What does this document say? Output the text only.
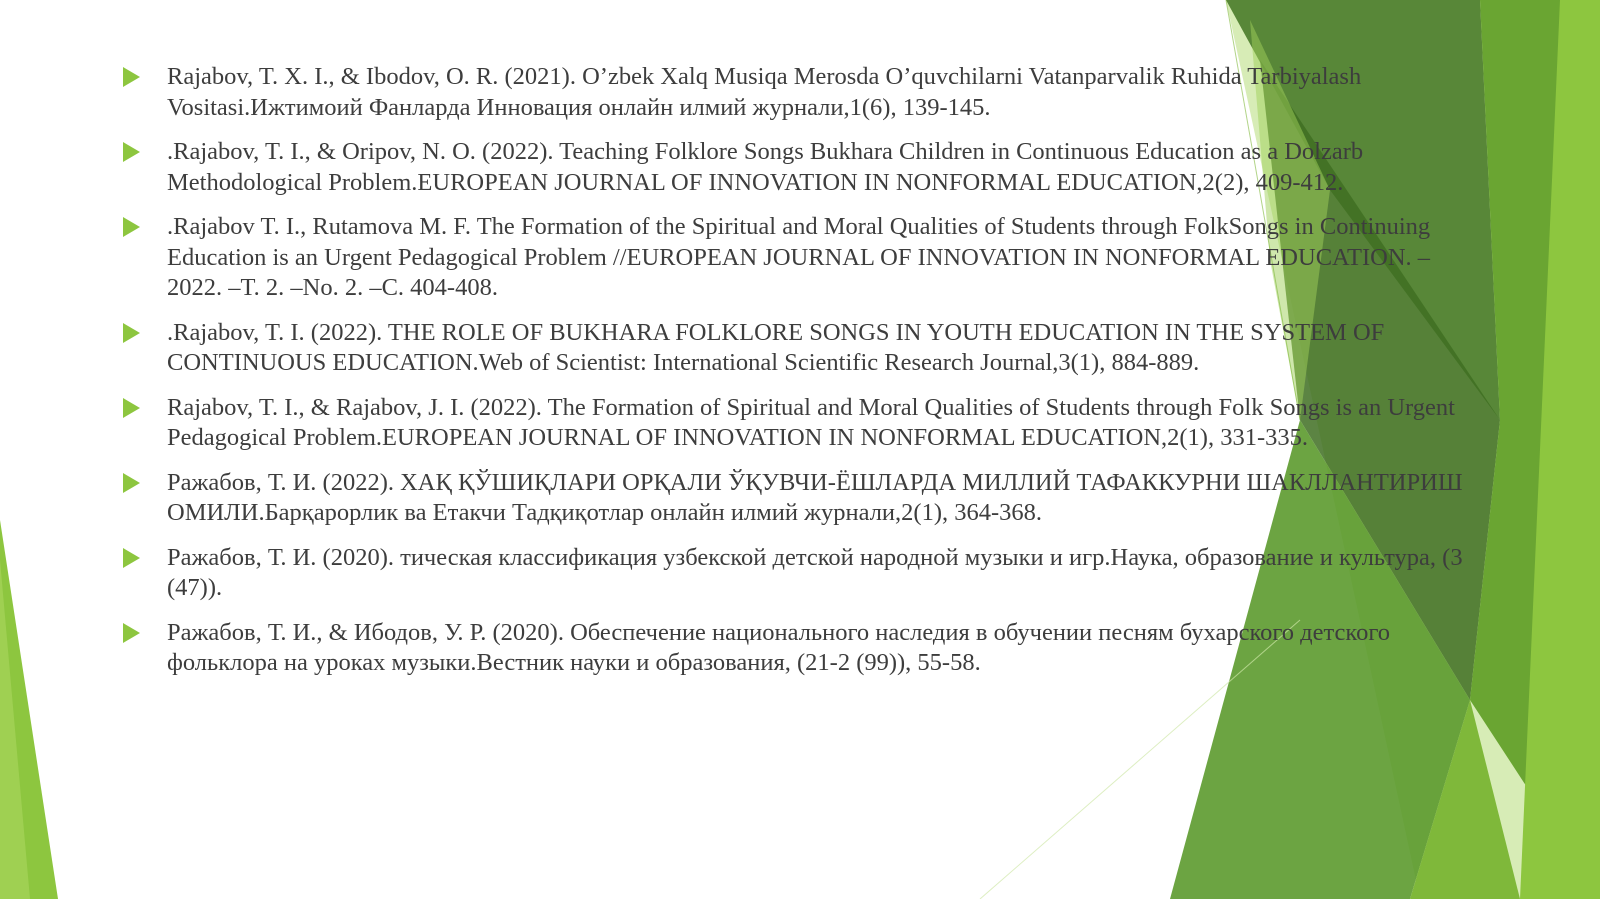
Rajabov, T. X. I., & Ibodov, O. R. (2021). O’zbek Xalq Musiqa Merosda O’quvchilarni Vatanparvalik Ruhida Tarbiyalash Vositasi.Ижтимоий Фанларда Инновация онлайн илмий журнали,1(6), 139-145.
.Rajabov, T. I., & Oripov, N. O. (2022). Teaching Folklore Songs Bukhara Children in Continuous Education as a Dolzarb Methodological Problem.EUROPEAN JOURNAL OF INNOVATION IN NONFORMAL EDUCATION,2(2), 409-412.
.Rajabov T. I., Rutamova M. F. The Formation of the Spiritual and Moral Qualities of Students through FolkSongs in Continuing Education is an Urgent Pedagogical Problem //EUROPEAN JOURNAL OF INNOVATION IN NONFORMAL EDUCATION. –2022. –T. 2. –No. 2. –С. 404-408.
.Rajabov, T. I. (2022). THE ROLE OF BUKHARA FOLKLORE SONGS IN YOUTH EDUCATION IN THE SYSTEM OF CONTINUOUS EDUCATION.Web of Scientist: International Scientific Research Journal,3(1), 884-889.
Rajabov, T. I., & Rajabov, J. I. (2022). The Formation of Spiritual and Moral Qualities of Students through Folk Songs is an Urgent Pedagogical Problem.EUROPEAN JOURNAL OF INNOVATION IN NONFORMAL EDUCATION,2(1), 331-335.
Ражабов, Т. И. (2022). ХАҚ ҚЎШИҚЛАРИ ОРҚАЛИ ЎҚУВЧИ-ЁШЛАРДА МИЛЛИЙ ТАФАККУРНИ ШАКЛЛАНТИРИШ ОМИЛИ.Барқарорлик ва Етакчи Тадқиқотлар онлайн илмий журнали,2(1), 364-368.
Ражабов, Т. И. (2020). тическая классификация узбекской детской народной музыки и игр.Наука, образование и культура, (3 (47)).
Ражабов, Т. И., & Ибодов, У. Р. (2020). Обеспечение национального наследия в обучении песням бухарского детского фольклора на уроках музыки.Вестник науки и образования, (21-2 (99)), 55-58.
